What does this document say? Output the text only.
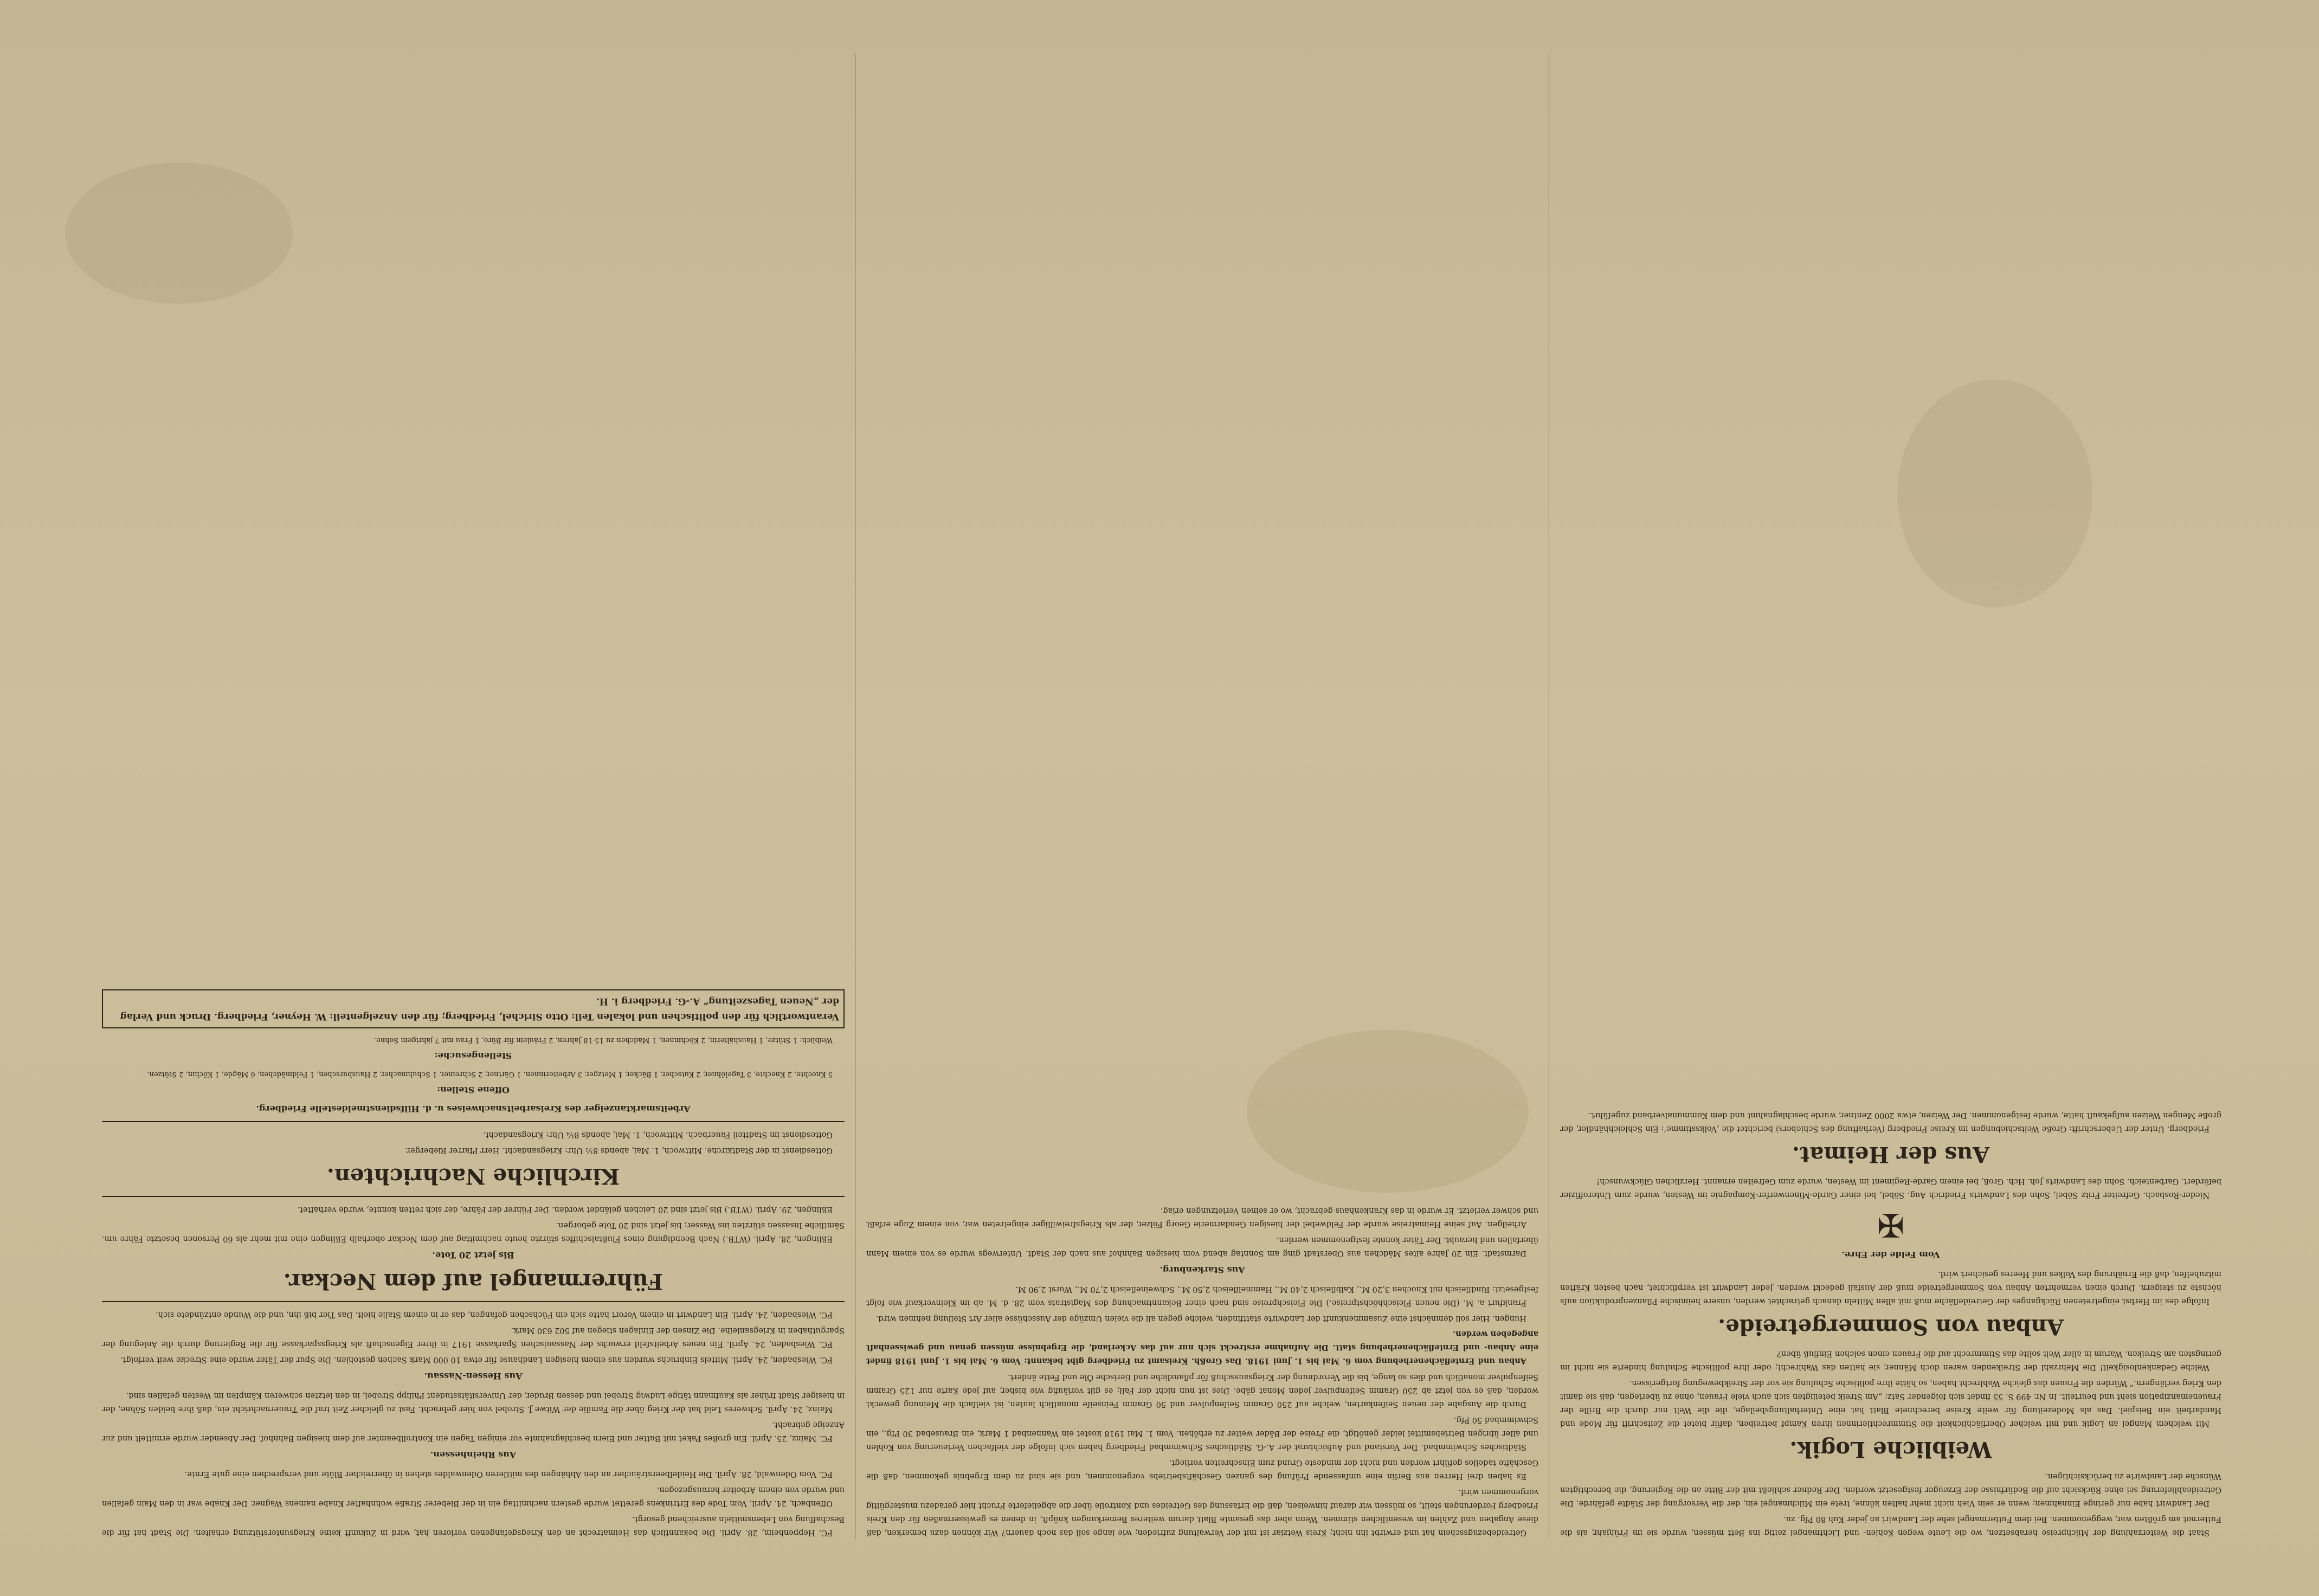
Staat die Weiterzahlung der Milchpreise herabsetzen, wo die Leute wegen Kohlen- und Lichtmangel zeitig ins Bett müssen, wurde sie im Frühjahr, als die Futternot am größten war, weggenommen. Bei dem Futtermangel sehe der Landwirt an jeder Kuh 80 Pfg. zu.

Der Landwirt habe nur geringe Einnahmen; wenn er sein Vieh nicht mehr halten könne, trete ein Milchmangel ein, der die Versorgung der Städte gefährde. Die Getreideablieferung sei ohne Rücksicht auf die Bedürfnisse der Erzeuger festgesetzt worden. Der Redner schließt mit der Bitte an die Regierung, die berechtigten Wünsche der Landwirte zu berücksichtigen.

Weibliche Logik.

Mit welchem Mangel an Logik und mit welcher Oberflächlichkeit die Stimmrechtlerinnen ihren Kampf betreiben, dafür bietet die Zeitschrift für Mode und Handarbeit ein Beispiel. Das als Modezeitung für weite Kreise berechnete Blatt hat eine Unterhaltungsbeilage, die die Welt nur durch die Brille der Frauenemanzipation sieht und beurteilt. In Nr. 499 S. 55 findet sich folgender Satz: „Am Streik beteiligten sich auch viele Frauen, ohne zu überlegen, daß sie damit den Krieg verlängern.“ Würden die Frauen das gleiche Wahlrecht haben, so hätte ihre politische Schulung sie vor der Streikbewegung fortgerissen.

Welche Gedankenlosigkeit! Die Mehrzahl der Streikenden waren doch Männer, sie hatten das Wahlrecht; oder ihre politische Schulung hinderte sie nicht im geringsten am Streiken. Warum in aller Welt sollte das Stimmrecht auf die Frauen einen solchen Einfluß üben?

Anbau von Sommergetreide.

Infolge des im Herbst eingetretenen Rückganges der Getreidefläche muß mit allen Mitteln danach getrachtet werden, unsere heimische Pflanzenproduktion aufs höchste zu steigern. Durch einen vermehrten Anbau von Sommergetreide muß der Ausfall gedeckt werden. Jeder Landwirt ist verpflichtet, nach besten Kräften mitzuhelfen, daß die Ernährung des Volkes und Heeres gesichert wird.

Vom Felde der Ehre.
✠

Nieder-Rosbach. Gefreiter Fritz Söbel, Sohn des Landwirts Friedrich Aug. Söbel, bei einer Garde-Minenwerfer-Kompagnie im Westen, wurde zum Unteroffizier befördert. Garbenteich. Sohn des Landwirts Joh. Hch. Groß, bei einem Garde-Regiment im Westen, wurde zum Gefreiten ernannt. Herzlichen Glückwunsch!

Aus der Heimat.

Friedberg. Unter der Ueberschrift: Große Weltschiebungen im Kreise Friedberg (Verhaftung des Schiebers) berichtet die ‚Volksstimme‘: Ein Schleichhändler, der große Mengen Weizen aufgekauft hatte, wurde festgenommen. Der Weizen, etwa 2000 Zentner, wurde beschlagnahmt und dem Kommunalverband zugeführt.

Getreidebezugsschein hat und erwirbt ihn nicht; Kreis Wetzlar ist mit der Verwaltung zufrieden; wie lange soll das noch dauern? Wir können dazu bemerken, daß diese Angaben und Zahlen im wesentlichen stimmen. Wenn aber das gesamte Blatt darum weiteres Bemerkungen knüpft, in denen es gewissermaßen für den Kreis Friedberg Forderungen stellt, so müssen wir darauf hinweisen, daß die Erfassung des Getreides und Kontrolle über die abgelieferte Frucht hier geradezu mustergültig vorgenommen wird.

Es haben drei Herren aus Berlin eine umfassende Prüfung des ganzen Geschäftsbetriebs vorgenommen, und sie sind zu dem Ergebnis gekommen, daß die Geschäfte tadellos geführt worden und nicht der mindeste Grund zum Einschreiten vorliegt.

Städtisches Schwimmbad. Der Vorstand und Aufsichtsrat der A.-G. Städtisches Schwimmbad Friedberg haben sich infolge der vielfachen Verteuerung von Kohlen und aller übrigen Betriebsmittel leider genötigt, die Preise der Bäder weiter zu erhöhen. Vom 1. Mai 1918 kostet ein Wannenbad 1 Mark, ein Brausebad 30 Pfg., ein Schwimmbad 50 Pfg.

Durch die Ausgabe der neuen Seifenkarten, welche auf 250 Gramm Seifenpulver und 50 Gramm Feinseife monatlich lauten, ist vielfach die Meinung geweckt worden, daß es von jetzt ab 250 Gramm Seifenpulver jeden Monat gäbe. Dies ist nun nicht der Fall; es gilt vorläufig wie bisher, auf jede Karte nur 125 Gramm Seifenpulver monatlich und dies so lange, bis die Verordnung der Kriegsausschuß für pflanzliche und tierische Öle und Fette ändert.

Anbau und Ernteflächenerhebung vom 6. Mai bis 1. Juni 1918. Das Großh. Kreisamt zu Friedberg gibt bekannt: Vom 6. Mai bis 1. Juni 1918 findet eine Anbau- und Ernteflächenerhebung statt. Die Aufnahme erstreckt sich nur auf das Ackerland, die Ergebnisse müssen genau und gewissenhaft angegeben werden.

Hungen. Hier soll demnächst eine Zusammenkunft der Landwirte stattfinden, welche gegen all die vielen Umzüge der Ausschüsse aller Art Stellung nehmen wird.

Frankfurt a. M. (Die neuen Fleischhöchstpreise.) Die Fleischpreise sind nach einer Bekanntmachung des Magistrats vom 28. d. M. ab im Kleinverkauf wie folgt festgesetzt: Rindfleisch mit Knochen 3,20 M., Kalbfleisch 2,40 M., Hammelfleisch 2,50 M., Schweinefleisch 2,70 M., Wurst 2,90 M.

Aus Starkenburg.

Darmstadt. Ein 20 Jahre altes Mädchen aus Oberstadt ging am Sonntag abend vom hiesigen Bahnhof aus nach der Stadt. Unterwegs wurde es von einem Mann überfallen und beraubt. Der Täter konnte festgenommen werden.

Arheilgen. Auf seine Heimatreise wurde der Feldwebel der hiesigen Gendarmerie Georg Fölzer, der als Kriegsfreiwilliger eingetreten war, von einem Zuge erfaßt und schwer verletzt. Er wurde in das Krankenhaus gebracht, wo er seinen Verletzungen erlag.

FC. Heppenheim, 28. April. Die bekanntlich das Heimatrecht an den Kriegsgefangenen verloren hat, wird in Zukunft keine Kriegsunterstützung erhalten. Die Stadt hat für die Beschaffung von Lebensmitteln ausreichend gesorgt.

Offenbach, 24. April. Vom Tode des Ertrinkens gerettet wurde gestern nachmittag ein in der Bieberer Straße wohnhafter Knabe namens Wagner. Der Knabe war in den Main gefallen und wurde von einem Arbeiter herausgezogen.

FC. Vom Odenwald, 28. April. Die Heidelbeersträucher an den Abhängen des mittleren Odenwaldes stehen in überreicher Blüte und versprechen eine gute Ernte.

Aus Rheinhessen.

FC. Mainz, 25. April. Ein großes Paket mit Butter und Eiern beschlagnahmte vor einigen Tagen ein Kontrollbeamter auf dem hiesigen Bahnhof. Der Absender wurde ermittelt und zur Anzeige gebracht.

Mainz, 24. April. Schweres Leid hat der Krieg über die Familie der Witwe J. Strobel von hier gebracht. Fast zu gleicher Zeit traf die Trauernachricht ein, daß ihre beiden Söhne, der in hiesiger Stadt früher als Kaufmann tätige Ludwig Strobel und dessen Bruder, der Universitätsstudent Philipp Strobel, in den letzten schweren Kämpfen im Westen gefallen sind.

Aus Hessen-Nassau.

FC. Wiesbaden, 24. April. Mittels Einbruchs wurden aus einem hiesigen Landhause für etwa 10 000 Mark Sachen gestohlen. Die Spur der Täter wurde eine Strecke weit verfolgt.

FC. Wiesbaden, 24. April. Ein neues Arbeitsfeld erwuchs der Nassauischen Sparkasse 1917 in ihrer Eigenschaft als Kriegssparkasse für die Regierung durch die Anlegung der Sparguthaben in Kriegsanleihe. Die Zinsen der Einlagen stiegen auf 502 630 Mark.

FC. Wiesbaden, 24. April. Ein Landwirt in einem Vorort hatte sich ein Füchschen gefangen, das er in einem Stalle hielt. Das Tier biß ihn, und die Wunde entzündete sich.

Führermangel auf dem Neckar.
Bis jetzt 20 Tote.

Eßlingen, 28. April. (WTB.) Nach Beendigung eines Flußtalschiffes stürzte heute nachmittag auf dem Neckar oberhalb Eßlingen eine mit mehr als 60 Personen besetzte Fähre um. Sämtliche Insassen stürzten ins Wasser; bis jetzt sind 20 Tote geborgen.

Eßlingen, 29. April. (WTB.) Bis jetzt sind 20 Leichen geländet worden. Der Führer der Fähre, der sich retten konnte, wurde verhaftet.

Kirchliche Nachrichten.

Gottesdienst in der Stadtkirche. Mittwoch, 1. Mai, abends 8½ Uhr: Kriegsandacht. Herr Pfarrer Rieberger.

Gottesdienst im Stadtteil Fauerbach. Mittwoch, 1. Mai, abends 8¼ Uhr: Kriegsandacht.

Arbeitsmarktanzeiger des Kreisarbeitsnachweises u. d. Hilfsdienstmeldestelle Friedberg.
Offene Stellen:

5 Knechte, 2 Knechte, 3 Tagelöhner, 2 Kutscher, 1 Bäcker, 1 Metzger, 3 Arbeiterinnen, 1 Gärtner, 2 Schreiner, 1 Schuhmacher, 2 Hausburschen, 1 Feldmädchen, 6 Mägde, 1 Köchin, 2 Stützen.

Stellengesuche:

Weiblich: 1 Stütze, 1 Haushälterin, 2 Köchinnen, 1 Mädchen zu 15-18 Jahren, 2 Fräulein für Büro, 1 Frau mit 7 jährigem Sohne.

Verantwortlich für den politischen und lokalen Teil: Otto Sirichel, Friedberg; für den Anzeigenteil: W. Heyner, Friedberg. Druck und Verlag der „Neuen Tageszeitung“ A.-G. Friedberg i. H.
